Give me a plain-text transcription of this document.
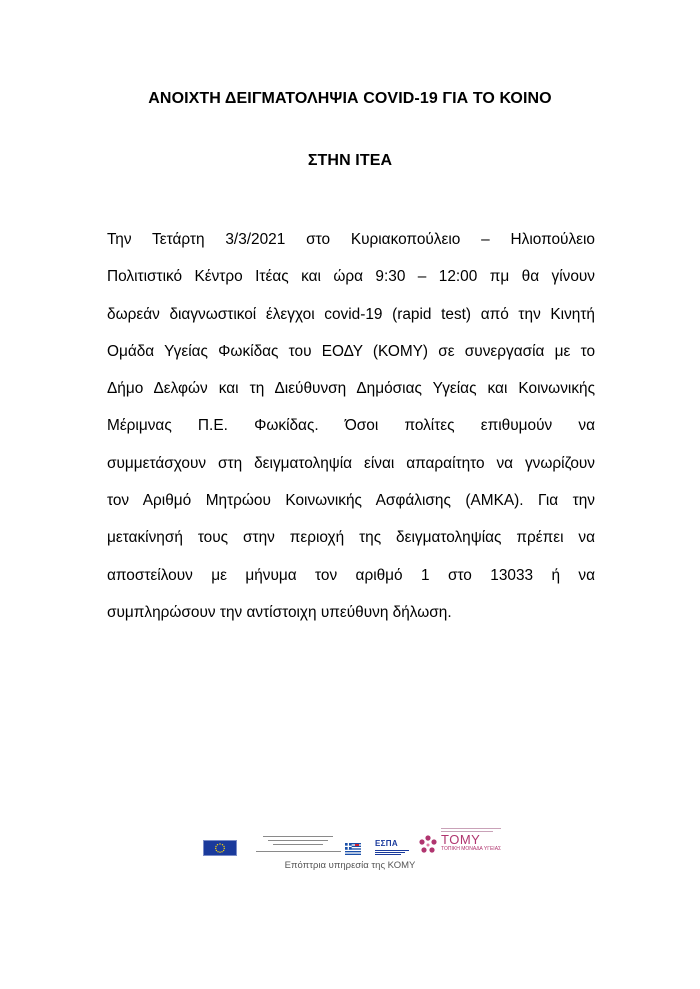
ΑΝΟΙΧΤΗ ΔΕΙΓΜΑΤΟΛΗΨΙΑ COVID-19 ΓΙΑ ΤΟ ΚΟΙΝΟ
ΣΤΗΝ ΙΤΕΑ
Την Τετάρτη 3/3/2021 στο Κυριακοπούλειο – Ηλιοπούλειο
Πολιτιστικό Κέντρο Ιτέας και ώρα 9:30 – 12:00 πμ θα γίνουν
δωρεάν διαγνωστικοί έλεγχοι covid-19 (rapid test) από την Κινητή
Ομάδα Υγείας Φωκίδας του ΕΟΔΥ (ΚΟΜΥ) σε συνεργασία με το
Δήμο Δελφών και τη Διεύθυνση Δημόσιας Υγείας και Κοινωνικής
Μέριμνας Π.Ε. Φωκίδας. Όσοι πολίτες επιθυμούν να
συμμετάσχουν στη δειγματοληψία είναι απαραίτητο να γνωρίζουν
τον Αριθμό Μητρώου Κοινωνικής Ασφάλισης (ΑΜΚΑ). Για την
μετακίνησή τους στην περιοχή της δειγματοληψίας πρέπει να
αποστείλουν με μήνυμα τον αριθμό 1 στο 13033 ή να
συμπληρώσουν την αντίστοιχη υπεύθυνη δήλωση.
ΕΣΠΑ	TOMY
ΤΟΠΙΚΗ ΜΟΝΑΔΑ ΥΓΕΙΑΣ
Επόπτρια υπηρεσία της ΚΟΜΥ
